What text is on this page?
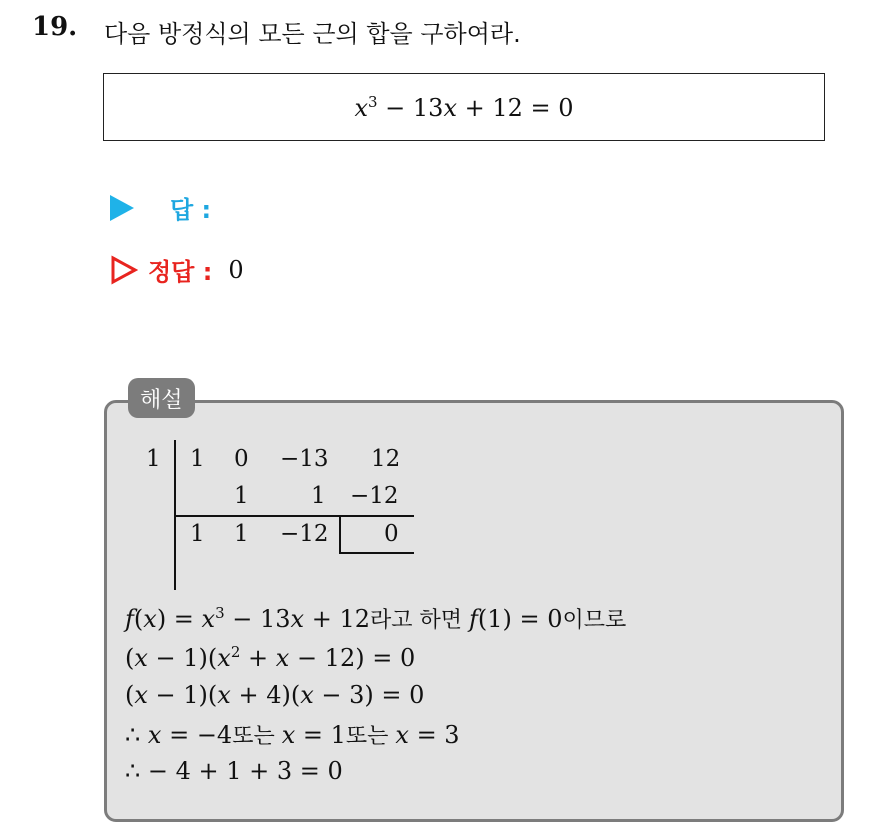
19. 다음 방정식의 모든 근의 합을 구하여라.
$x^3 - 13x + 12 = 0$
답 :
정답 : 0
해설
1 1 0 −13 12
1	1 −12
1 1 −12 0
$f(x) = x^3 - 13x + 12$라고 하면 f(1) = 0이므로
$(x - 1)(x^2 + x - 12) = 0$
(x − 1)(x + 4)(x − 3) = 0
∴ x = −4또는 x = 1또는 x = 3
∴ − 4 + 1 + 3 = 0
